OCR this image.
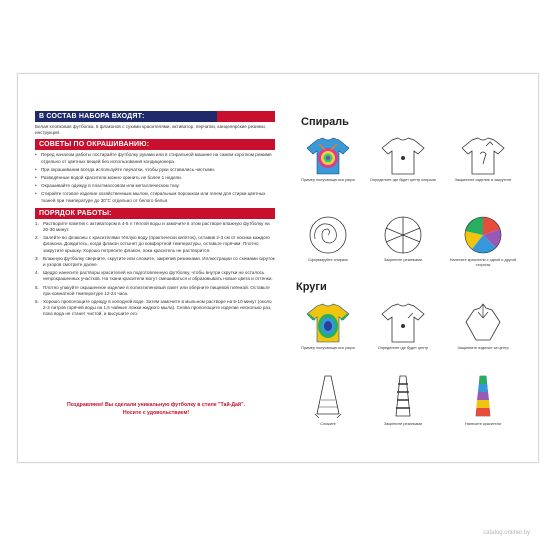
В СОСТАВ НАБОРА ВХОДЯТ:
Белая хлопковая футболка, 5 флаконов с сухими красителями, активатор, перчатки, канцелярские резинки, инструкция.
СОВЕТЫ ПО ОКРАШИВАНИЮ:
• Перед началом работы постирайте футболку руками или в стиральной машине на самом коротком режиме отдельно от цветных вещей без использования кондиционера.
• При окрашивании всегда используйте перчатки, чтобы руки оставались чистыми.
• Разведённые водой красители можно хранить не более 1 недели.
• Окрашивайте одежду в пластмассовом или металлическом тазу.
• Стирайте готовое изделие хозяйственным мылом, стиральным порошком или гелем для стирки цветных тканей при температуре до 30°С отдельно от белого белья.
ПОРЯДОК РАБОТЫ:
1. Растворите пакетик с активатором в 4-5 л тёплой воды и замочите в этом растворе влажную футболку на 20-30 минут.
2. Залейте во флаконы с красителями тёплую воду (практически кипяток), оставив 2-3 см от носика каждого флакона. Дождитесь, когда флакон остынет до комфортной температуры, оставьте горячим. Плотно закрутите крышку. Хорошо потрясите флакон, пока краситель не растворится.
3. Влажную футболку сверните, скрутите или сложите, закрепив резинками. Иллюстрации со схемами скруток и узоров смотрите далее.
4. Щедро нанесите растворы красителей на подготовленную футболку, чтобы внутри скрутки не осталось непрокрашенных участков. На ткани красители могут смешиваться и образовывать новые цвета и оттенки.
5. Плотно упакуйте окрашенное изделие в полиэтиленовый пакет или оберните пищевой плёнкой. Оставьте при комнатной температуре 12-24 часа.
6. Хорошо прополощите одежду в холодной воде. Затем замочите в мыльном растворе на 5-10 минут (около 2-3 литров горячей воды на 1,5 чайные ложки жидкого мыла). Снова прополощите изделие несколько раз, пока вода не станет чистой, и высушите его.
Поздравляем! Вы сделали уникальную футболку в стиле "Тай-Дай". Носите с удовольствием!
Спираль
Пример получающегося узора	Определите где будет центр спирали	Защипните изделие и закрутите
Сформируйте спираль	Закрепите резинками	Нанесите красители с одной и другой стороны
Круги
Пример получающегося узора	Определите где будет центр	Защипните изделие за центр
Сложите	Закрепите резинками	Нанесите красители
catalog.onliner.by
